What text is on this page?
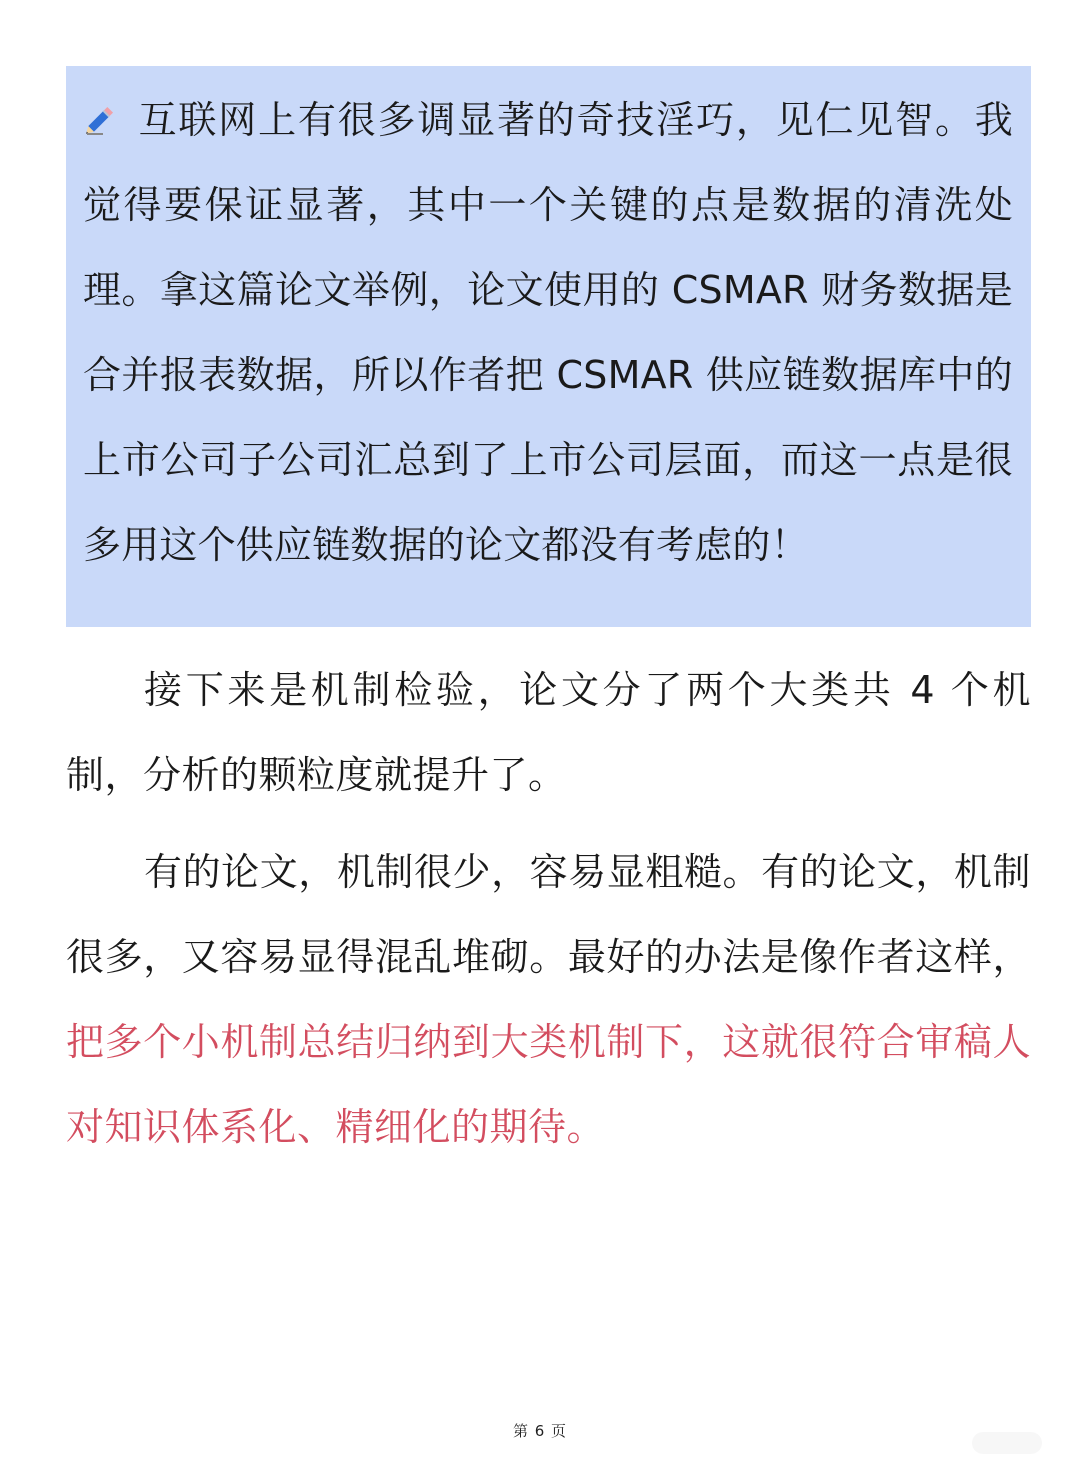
互联网上有很多调显著的奇技淫巧，见仁见智。我觉得要保证显著，其中一个关键的点是数据的清洗处理。拿这篇论文举例，论文使用的 CSMAR 财务数据是合并报表数据，所以作者把 CSMAR 供应链数据库中的上市公司子公司汇总到了上市公司层面，而这一点是很多用这个供应链数据的论文都没有考虑的！

接下来是机制检验，论文分了两个大类共 4 个机制，分析的颗粒度就提升了。

有的论文，机制很少，容易显粗糙。有的论文，机制很多，又容易显得混乱堆砌。最好的办法是像作者这样，把多个小机制总结归纳到大类机制下，这就很符合审稿人对知识体系化、精细化的期待。

第 6 页
